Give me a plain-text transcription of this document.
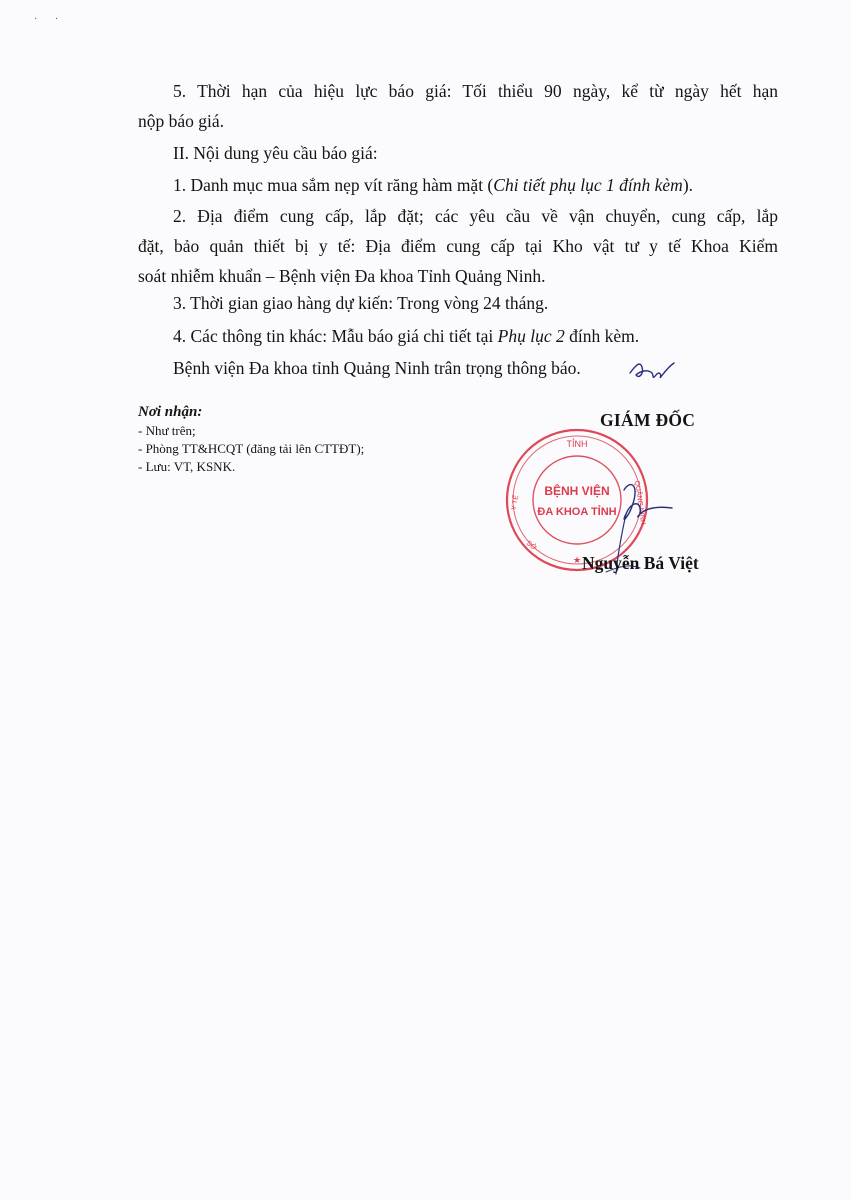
·       ·

5. Thời hạn của hiệu lực báo giá: Tối thiểu 90 ngày, kể từ ngày hết hạn
nộp báo giá.

II. Nội dung yêu cầu báo giá:

1. Danh mục mua sắm nẹp vít răng hàm mặt (Chi tiết phụ lục 1 đính kèm).

2. Địa điểm cung cấp, lắp đặt; các yêu cầu về vận chuyển, cung cấp, lắp
đặt, bảo quản thiết bị y tế: Địa điểm cung cấp tại Kho vật tư y tế Khoa Kiểm
soát nhiễm khuẩn – Bệnh viện Đa khoa Tỉnh Quảng Ninh.

3. Thời gian giao hàng dự kiến: Trong vòng 24 tháng.

4. Các thông tin khác: Mẫu báo giá chi tiết tại Phụ lục 2 đính kèm.

Bệnh viện Đa khoa tỉnh Quảng Ninh trân trọng thông báo.

Nơi nhận:

- Như trên;

- Phòng TT&HCQT (đăng tải lên CTTĐT);

- Lưu: VT, KSNK.

GIÁM ĐỐC
TỈNH
QUẢNG NINH
Y TẾ
SỞ
★
BỆNH VIỆN
ĐA KHOA TỈNH
Nguyễn Bá Việt
